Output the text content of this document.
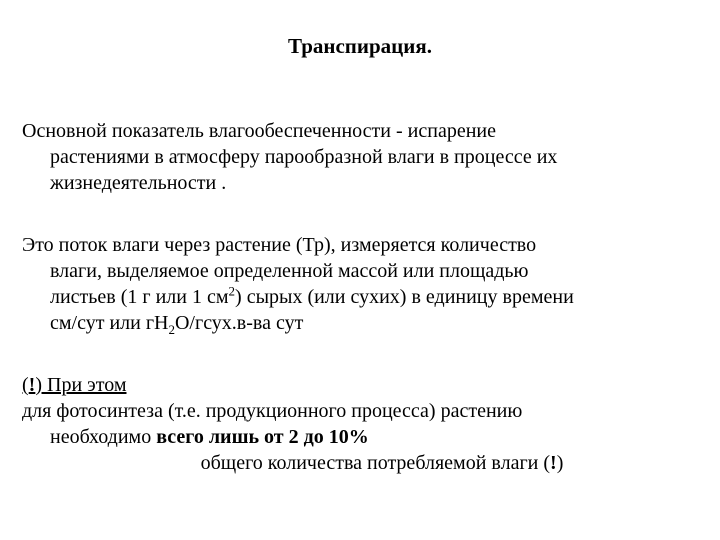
Транспирация.
Основной показатель влагообеспеченности - испарение
растениями в атмосферу парообразной влаги в процессе их
жизнедеятельности .
Это поток влаги через растение (Тр), измеряется количество
влаги, выделяемое определенной массой или площадью
листьев (1 г или 1 $см^2$) сырых (или сухих) в единицу времени
см/сут или $гН_2О/гсух.в-ва$ сут
(!) При этом
для фотосинтеза (т.е. продукционного процесса) растению
необходимо всего лишь от 2 до 10%
общего количества потребляемой влаги (!)
